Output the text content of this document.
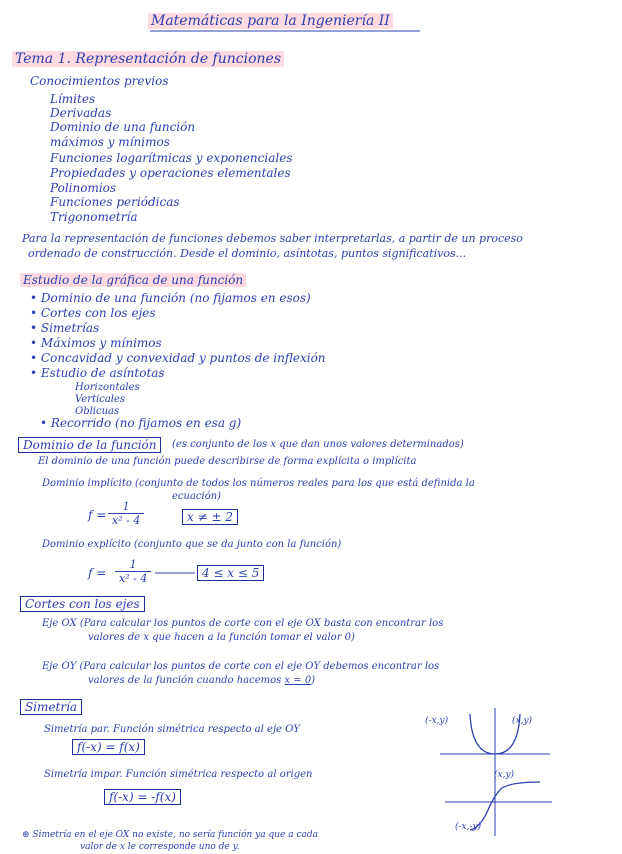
Matemáticas para la Ingeniería II
Tema 1. Representación de funciones
Conocimientos previos
Límites
Derivadas
Dominio de una función
máximos y mínimos
Funciones logarítmicas y exponenciales
Propiedades y operaciones elementales
Polinomios
Funciones periódicas
Trigonometría
Para la representación de funciones debemos saber interpretarlas, a partir de un proceso
ordenado de construcción. Desde el dominio, asíntotas, puntos significativos...
Estudio de la gráfica de una función
• Dominio de una función (no fijamos en esos)
• Cortes con los ejes
• Simetrías
• Máximos y mínimos
• Concavidad y convexidad y puntos de inflexión
• Estudio de asíntotas
Horizontales
Verticales
Oblicuas
• Recorrido (no fijamos en esa g)
Dominio de la función	(es conjunto de los x que dan unos valores determinados)
El dominio de una función puede describirse de forma explícita o implícita
Dominio implícito (conjunto de todos los números reales para los que está definida la
ecuación)
$f = \frac{1}{\text{x² - 4}}$	x ≠ ± 2
Dominio explícito (conjunto que se da junto con la función)
$f = \frac{1}{\text{x² - 4}}$	4 ≤ x ≤ 5
Cortes con los ejes
Eje OX (Para calcular los puntos de corte con el eje OX basta con encontrar los
valores de x que hacen a la función tomar el valor 0)
Eje OY (Para calcular los puntos de corte con el eje OY debemos encontrar los
valores de la función cuando hacemos x = 0)
Simetría
Simetría par. Función simétrica respecto al eje OY
f(-x) = f(x)
Simetría impar. Función simétrica respecto al origen
f(-x) = -f(x)
(-x,y)	(x,y)
(x,y)
(-x,-y)
⊛ Simetría en el eje OX no existe, no sería función ya que a cada
valor de x le corresponde uno de y.
